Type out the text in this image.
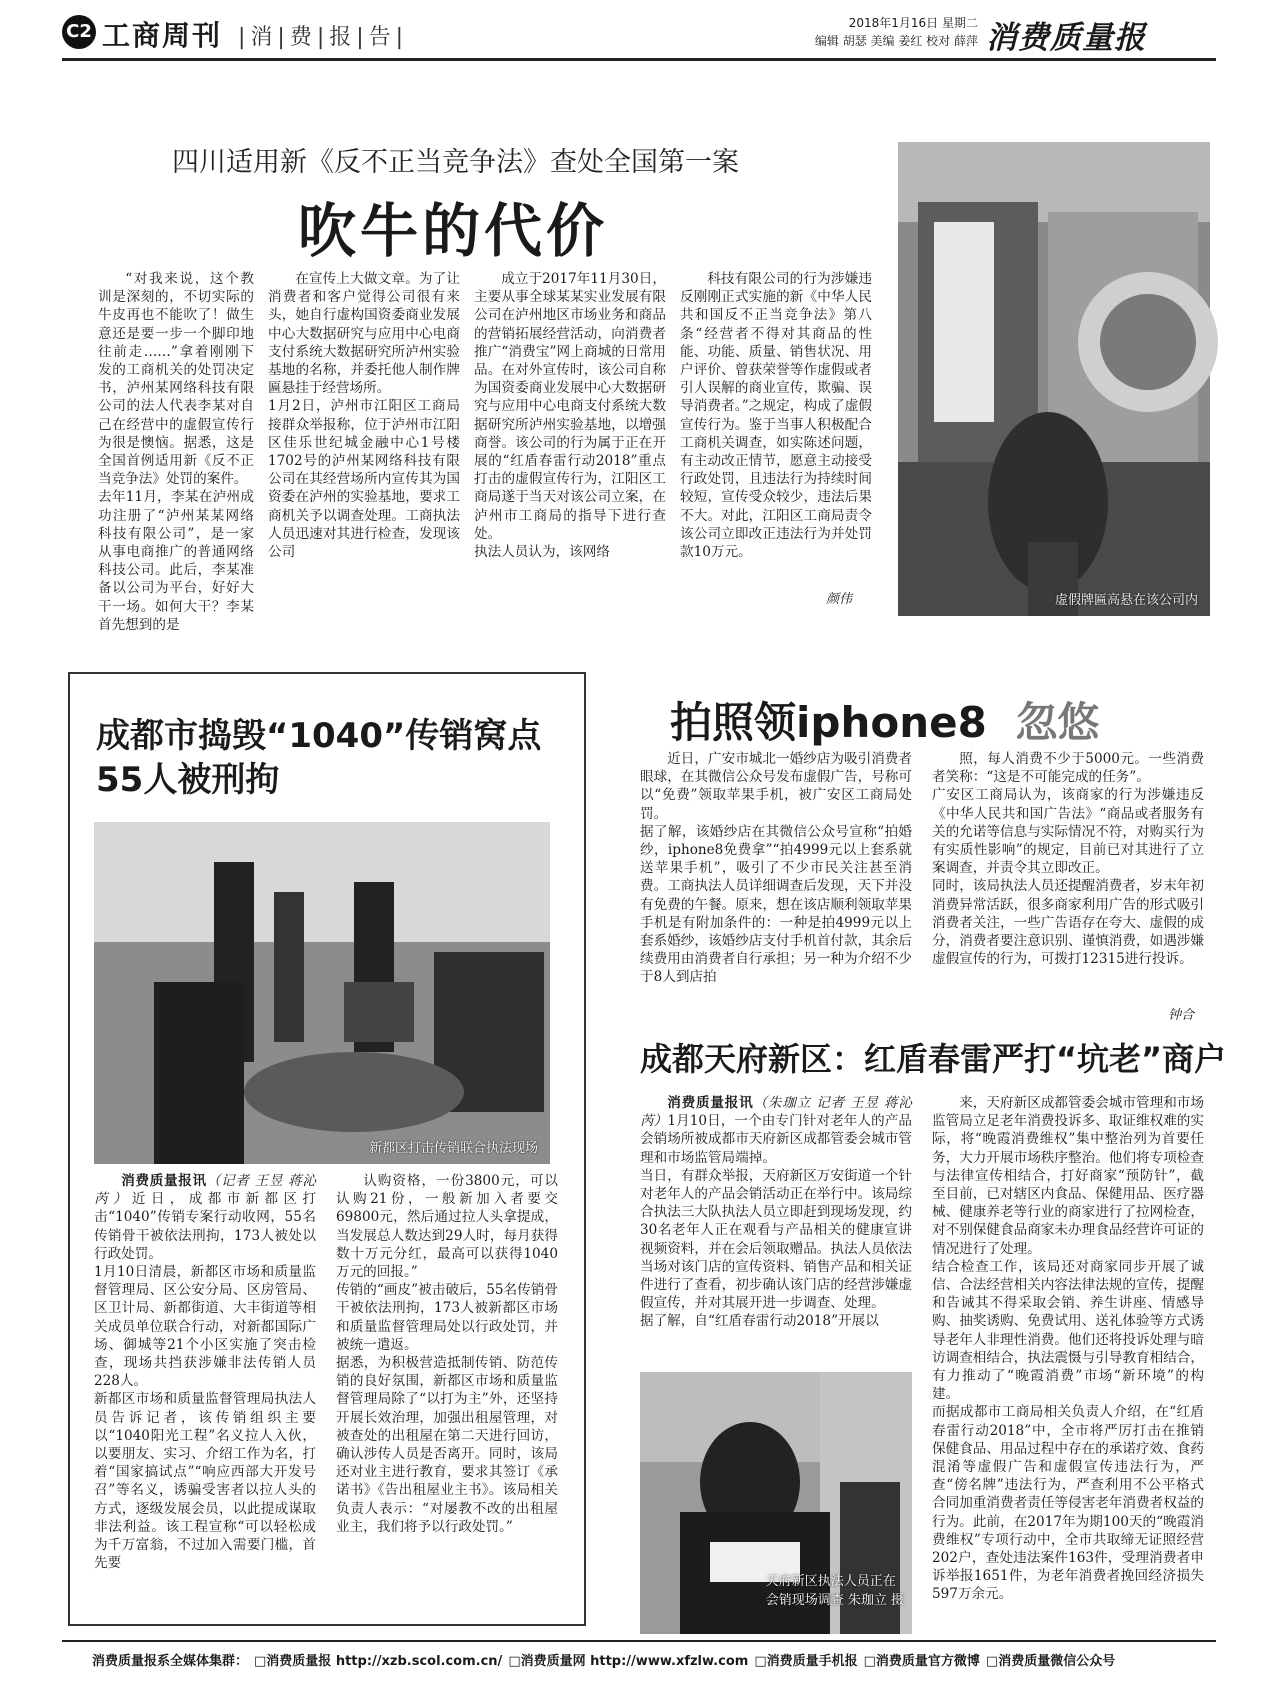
C2 工商周刊 |消|费|报|告|
2018年1月16日 星期二
编辑 胡瑟 美编 姜红 校对 薛萍 消费质量报
四川适用新《反不正当竞争法》查处全国第一案
吹牛的代价
“对我来说，这个教训是深刻的，不切实际的牛皮再也不能吹了！做生意还是要一步一个脚印地往前走……”拿着刚刚下发的工商机关的处罚决定书，泸州某网络科技有限公司的法人代表李某对自己在经营中的虚假宣传行为很是懊恼。据悉，这是全国首例适用新《反不正当竞争法》处罚的案件。
去年11月，李某在泸州成功注册了“泸州某某网络科技有限公司”，是一家从事电商推广的普通网络科技公司。此后，李某准备以公司为平台，好好大干一场。如何大干？李某首先想到的是
在宣传上大做文章。为了让消费者和客户觉得公司很有来头，她自行虚构国资委商业发展中心大数据研究与应用中心电商支付系统大数据研究所泸州实验基地的名称，并委托他人制作牌匾悬挂于经营场所。
1月2日，泸州市江阳区工商局接群众举报称，位于泸州市江阳区佳乐世纪城金融中心1号楼1702号的泸州某网络科技有限公司在其经营场所内宣传其为国资委在泸州的实验基地，要求工商机关予以调查处理。工商执法人员迅速对其进行检查，发现该公司
成立于2017年11月30日，主要从事全球某某实业发展有限公司在泸州地区市场业务和商品的营销拓展经营活动，向消费者推广“消费宝”网上商城的日常用品。在对外宣传时，该公司自称为国资委商业发展中心大数据研究与应用中心电商支付系统大数据研究所泸州实验基地，以增强商誉。该公司的行为属于正在开展的“红盾春雷行动2018”重点打击的虚假宣传行为，江阳区工商局遂于当天对该公司立案，在泸州市工商局的指导下进行查处。
执法人员认为，该网络
科技有限公司的行为涉嫌违反刚刚正式实施的新《中华人民共和国反不正当竞争法》第八条“经营者不得对其商品的性能、功能、质量、销售状况、用户评价、曾获荣誉等作虚假或者引人误解的商业宣传，欺骗、误导消费者。”之规定，构成了虚假宣传行为。鉴于当事人积极配合工商机关调查，如实陈述问题，有主动改正情节，愿意主动接受行政处罚，且违法行为持续时间较短，宣传受众较少，违法后果不大。对此，江阳区工商局责令该公司立即改正违法行为并处罚款10万元。
颜伟	虚假牌匾高悬在该公司内
成都市捣毁“1040”传销窝点
55人被刑拘
新都区打击传销联合执法现场
消费质量报讯（记者 王昱 蒋沁芮）近日，成都市新都区打击“1040”传销专案行动收网，55名传销骨干被依法刑拘，173人被处以行政处罚。
1月10日清晨，新都区市场和质量监督管理局、区公安分局、区房管局、区卫计局、新都街道、大丰街道等相关成员单位联合行动，对新都国际广场、御城等21个小区实施了突击检查，现场共挡获涉嫌非法传销人员228人。
新都区市场和质量监督管理局执法人员告诉记者，该传销组织主要以“1040阳光工程”名义拉人入伙，以要朋友、实习、介绍工作为名，打着“国家搞试点”“响应西部大开发号召”等名义，诱骗受害者以拉人头的方式，逐级发展会员，以此提成谋取非法利益。该工程宣称“可以轻松成为千万富翁，不过加入需要门槛，首先要
认购资格，一份3800元，可以认购21份，一般新加入者要交69800元，然后通过拉人头拿提成，当发展总人数达到29人时，每月获得数十万元分红，最高可以获得1040万元的回报。”
传销的“画皮”被击破后，55名传销骨干被依法刑拘，173人被新都区市场和质量监督管理局处以行政处罚，并被统一遣返。
据悉，为积极营造抵制传销、防范传销的良好氛围，新都区市场和质量监督管理局除了“以打为主”外，还坚持开展长效治理，加强出租屋管理，对被查处的出租屋在第二天进行回访，确认涉传人员是否离开。同时，该局还对业主进行教育，要求其签订《承诺书》《告出租屋业主书》。该局相关负责人表示：“对屡教不改的出租屋业主，我们将予以行政处罚。”
拍照领iphone8 忽悠
近日，广安市城北一婚纱店为吸引消费者眼球，在其微信公众号发布虚假广告，号称可以“免费”领取苹果手机，被广安区工商局处罚。
据了解，该婚纱店在其微信公众号宣称“拍婚纱，iphone8免费拿”“拍4999元以上套系就送苹果手机”，吸引了不少市民关注甚至消费。工商执法人员详细调查后发现，天下并没有免费的午餐。原来，想在该店顺利领取苹果手机是有附加条件的：一种是拍4999元以上套系婚纱，该婚纱店支付手机首付款，其余后续费用由消费者自行承担；另一种为介绍不少于8人到店拍
照，每人消费不少于5000元。一些消费者笑称：“这是不可能完成的任务”。
广安区工商局认为，该商家的行为涉嫌违反《中华人民共和国广告法》“商品或者服务有关的允诺等信息与实际情况不符，对购买行为有实质性影响”的规定，目前已对其进行了立案调查，并责令其立即改正。
同时，该局执法人员还提醒消费者，岁末年初消费异常活跃，很多商家利用广告的形式吸引消费者关注，一些广告语存在夸大、虚假的成分，消费者要注意识别、谨慎消费，如遇涉嫌虚假宣传的行为，可拨打12315进行投诉。
钟合
成都天府新区：红盾春雷严打“坑老”商户
消费质量报讯（朱珈立 记者 王昱 蒋沁芮）1月10日，一个由专门针对老年人的产品会销场所被成都市天府新区成都管委会城市管理和市场监管局端掉。
当日，有群众举报，天府新区万安街道一个针对老年人的产品会销活动正在举行中。该局综合执法三大队执法人员立即赶到现场发现，约30名老年人正在观看与产品相关的健康宣讲视频资料，并在会后领取赠品。执法人员依法当场对该门店的宣传资料、销售产品和相关证件进行了查看，初步确认该门店的经营涉嫌虚假宣传，并对其展开进一步调查、处理。
据了解，自“红盾春雷行动2018”开展以
天府新区执法人员正在
会销现场调查 朱珈立 摄
来，天府新区成都管委会城市管理和市场监管局立足老年消费投诉多、取证维权难的实际，将“晚霞消费维权”集中整治列为首要任务，大力开展市场秩序整治。他们将专项检查与法律宣传相结合，打好商家“预防针”，截至目前，已对辖区内食品、保健用品、医疗器械、健康养老等行业的商家进行了拉网检查，对不别保健食品商家未办理食品经营许可证的情况进行了处理。
结合检查工作，该局还对商家同步开展了诚信、合法经营相关内容法律法规的宣传，提醒和告诫其不得采取会销、养生讲座、情感导购、抽奖诱购、免费试用、送礼体验等方式诱导老年人非理性消费。他们还将投诉处理与暗访调查相结合，执法震慑与引导教育相结合，有力推动了“晚霞消费”市场“新环境”的构建。
而据成都市工商局相关负责人介绍，在“红盾春雷行动2018”中，全市将严厉打击在推销保健食品、用品过程中存在的承诺疗效、食药混淆等虚假广告和虚假宣传违法行为，严查“傍名牌”违法行为，严查利用不公平格式合同加重消费者责任等侵害老年消费者权益的行为。此前，在2017年为期100天的“晚霞消费维权”专项行动中，全市共取缔无证照经营202户，查处违法案件163件，受理消费者申诉举报1651件，为老年消费者挽回经济损失597万余元。
消费质量报系全媒体集群： □消费质量报 http://xzb.scol.com.cn/ □消费质量网 http://www.xfzlw.com □消费质量手机报 □消费质量官方微博 □消费质量微信公众号
